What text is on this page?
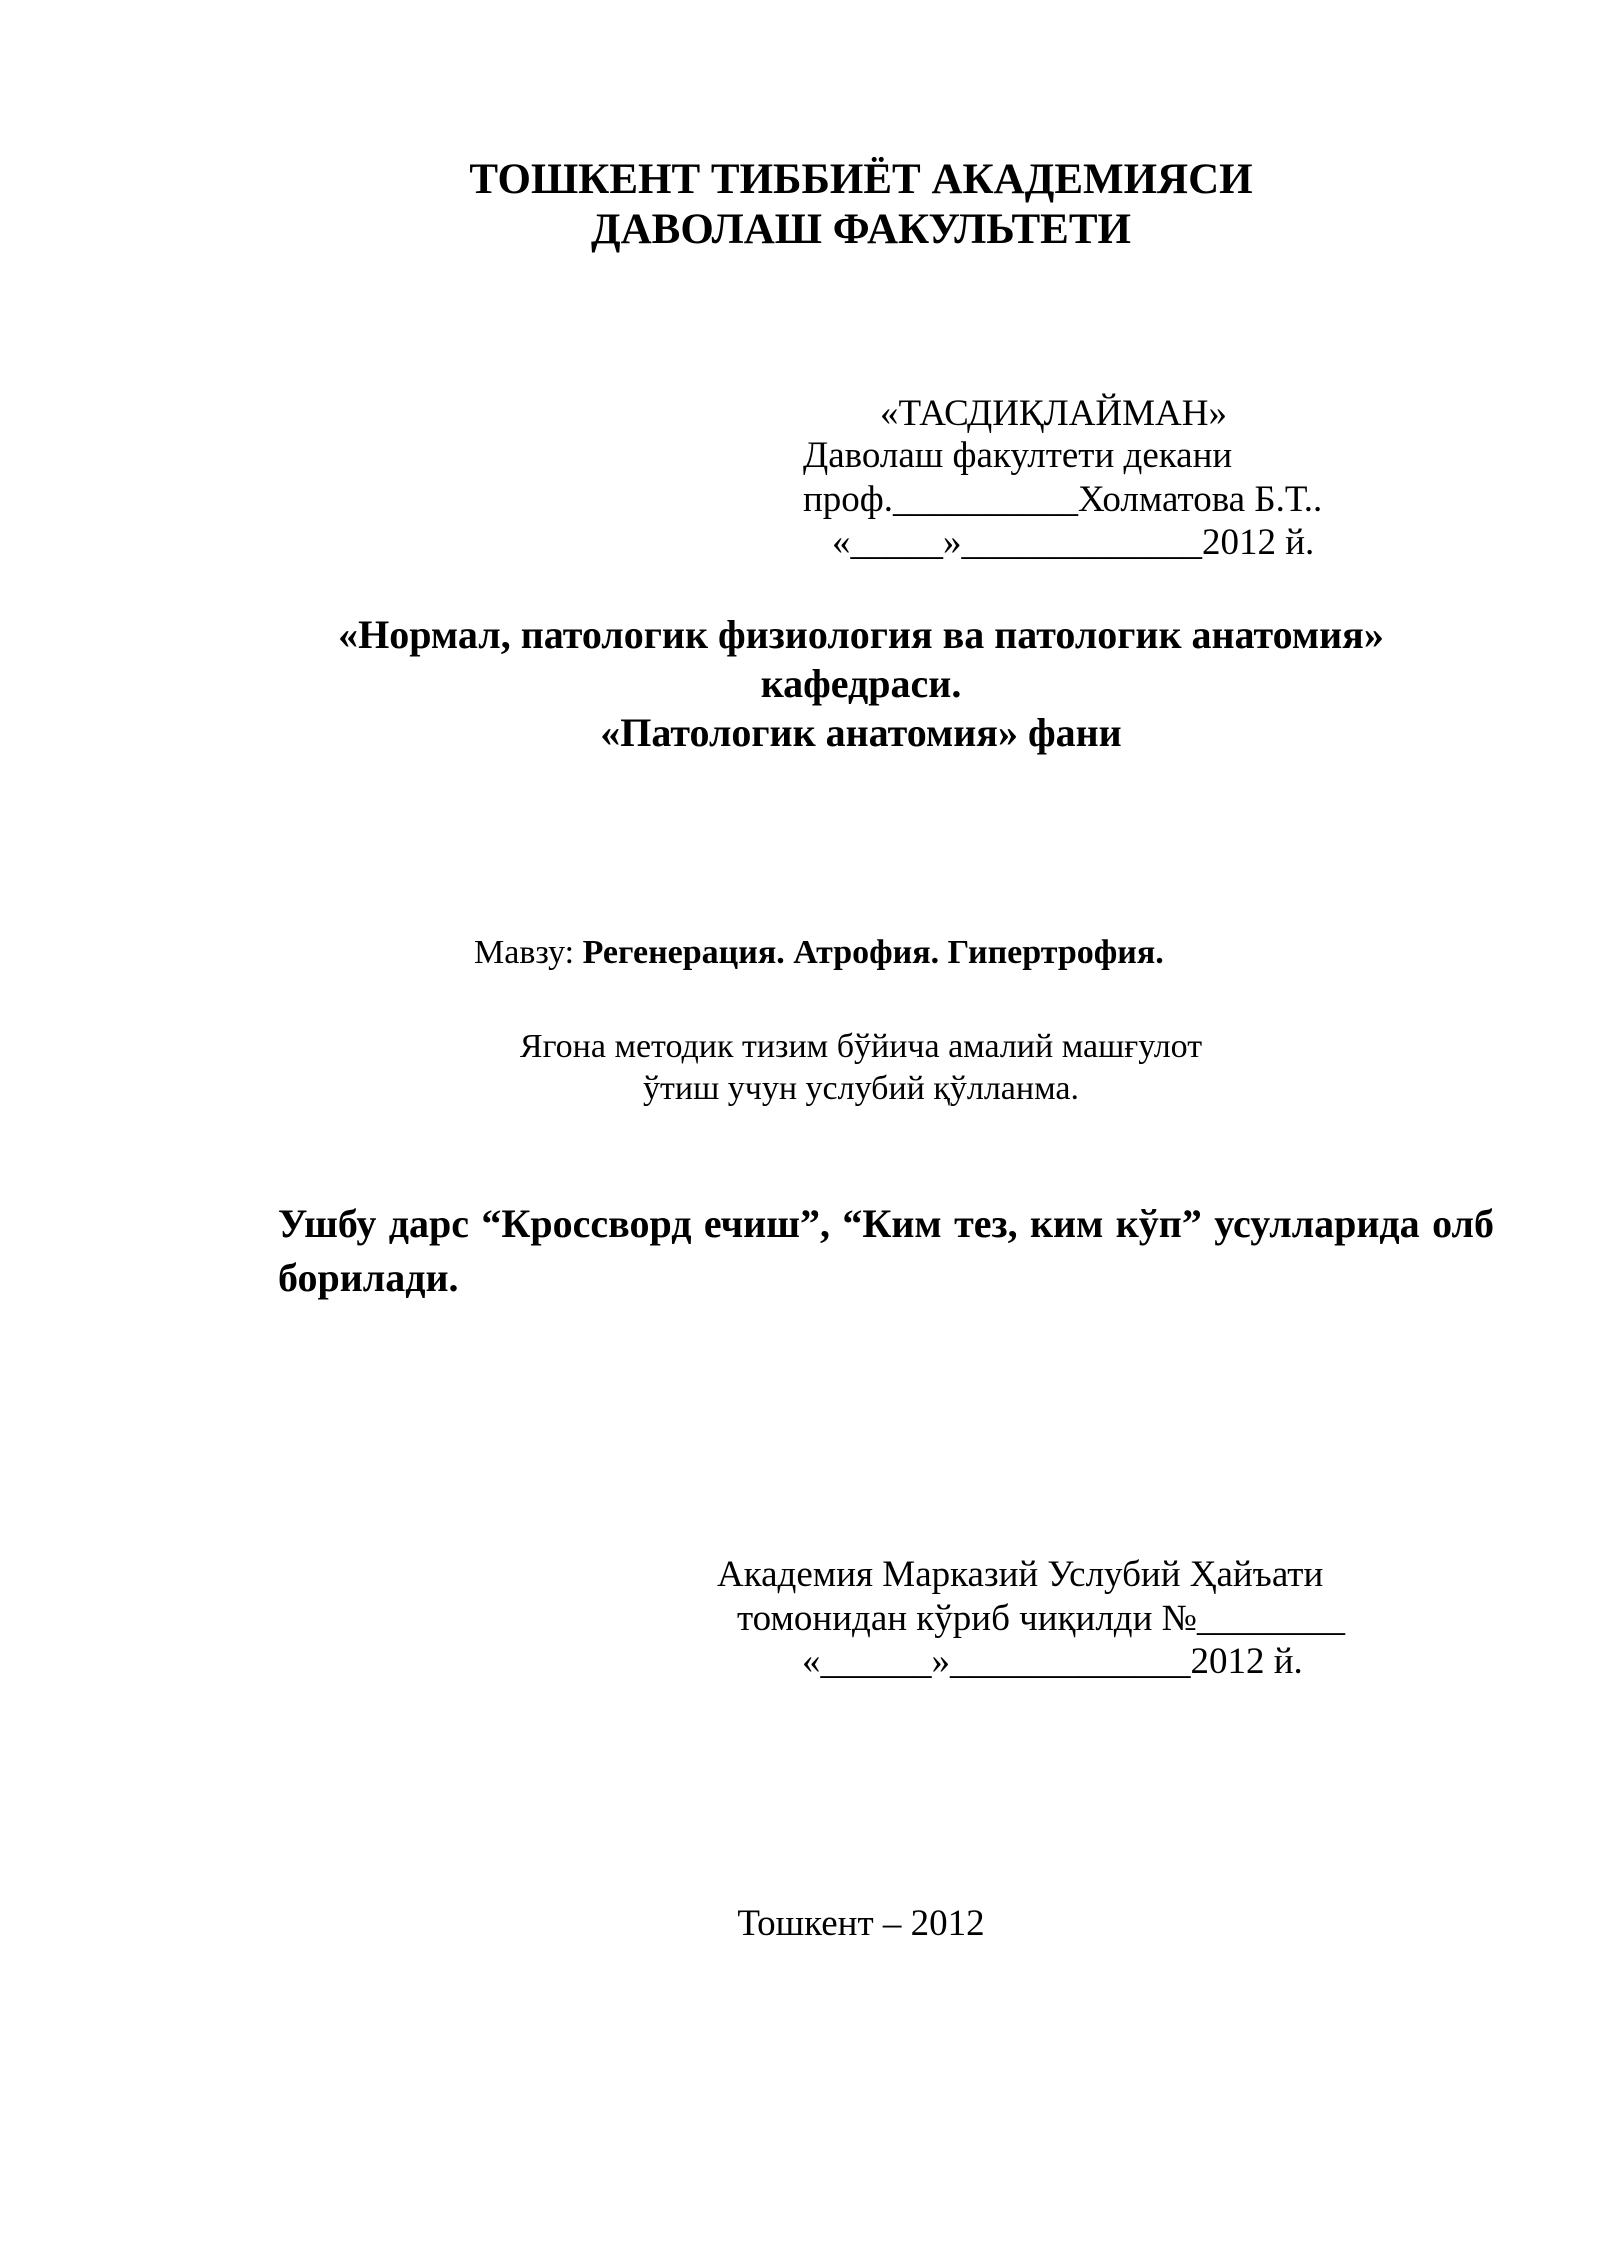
ТОШКЕНТ ТИББИЁТ АКАДЕМИЯСИ
ДАВОЛАШ ФАКУЛЬТЕТИ
«ТАСДИҚЛАЙМАН»
Даволаш факултети декани
проф.__________Холматова Б.Т..
«_____»_____________2012 й.
«Нормал, патологик физиология ва патологик анатомия»
кафедраси.
«Патологик анатомия» фани
Мавзу: Регенерация. Атрофия. Гипертрофия.
Ягона методик тизим бўйича амалий машғулот
ўтиш учун услубий қўлланма.
Ушбу дарс “Кроссворд ечиш”, “Ким тез, ким кўп” усулларида олб борилади.
Академия Марказий Услубий Ҳайъати
томонидан кўриб чиқилди №________
«______»_____________2012 й.
Тошкент – 2012
